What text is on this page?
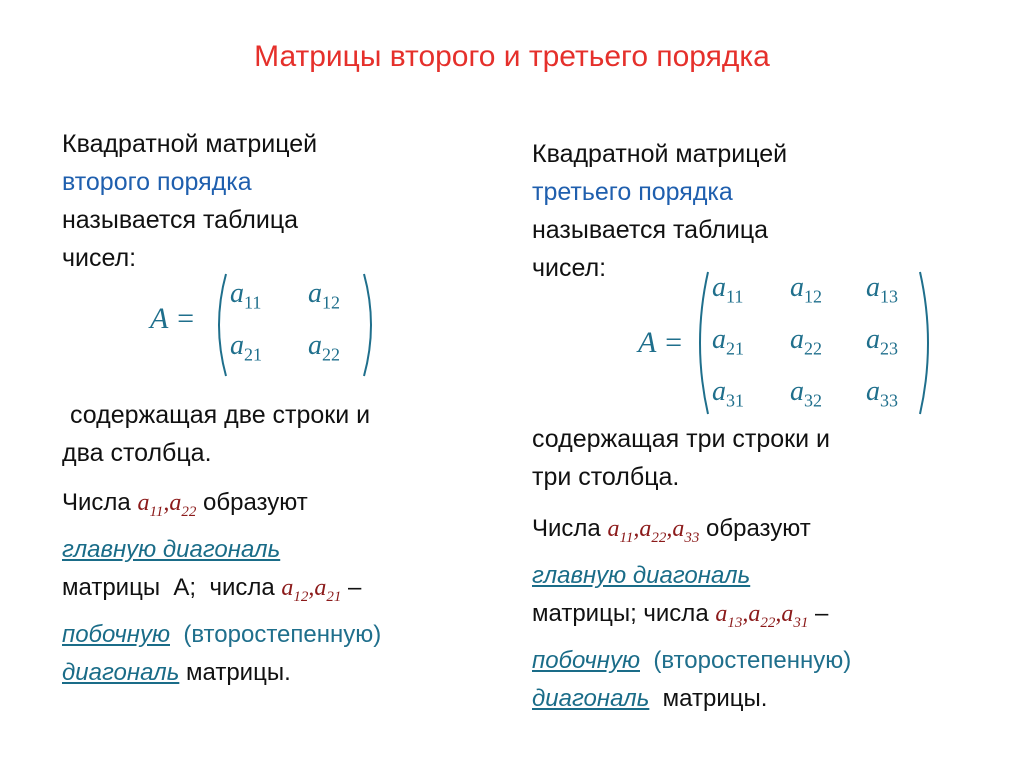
Матрицы второго и третьего порядка

Квадратной матрицей

второго порядка

называется таблица

чисел:

A =
$a_{11}$ $a_{12}$
$a_{21}$ $a_{22}$

содержащая две строки и

два столбца.

Числа $a_{11},a_{22}$ образуют

главную диагональ

матрицы А; числа $a_{12},a_{21}$ –

побочную (второстепенную)

диагональ матрицы.

Квадратной матрицей

третьего порядка

называется таблица

чисел:

A =
$a_{11}$ $a_{12}$ $a_{13}$
$a_{21}$ $a_{22}$ $a_{23}$
$a_{31}$ $a_{32}$ $a_{33}$

содержащая три строки и

три столбца.

Числа $a_{11},a_{22},a_{33}$ образуют

главную диагональ

матрицы; числа $a_{13},a_{22},a_{31}$ –

побочную (второстепенную)

диагональ матрицы.
